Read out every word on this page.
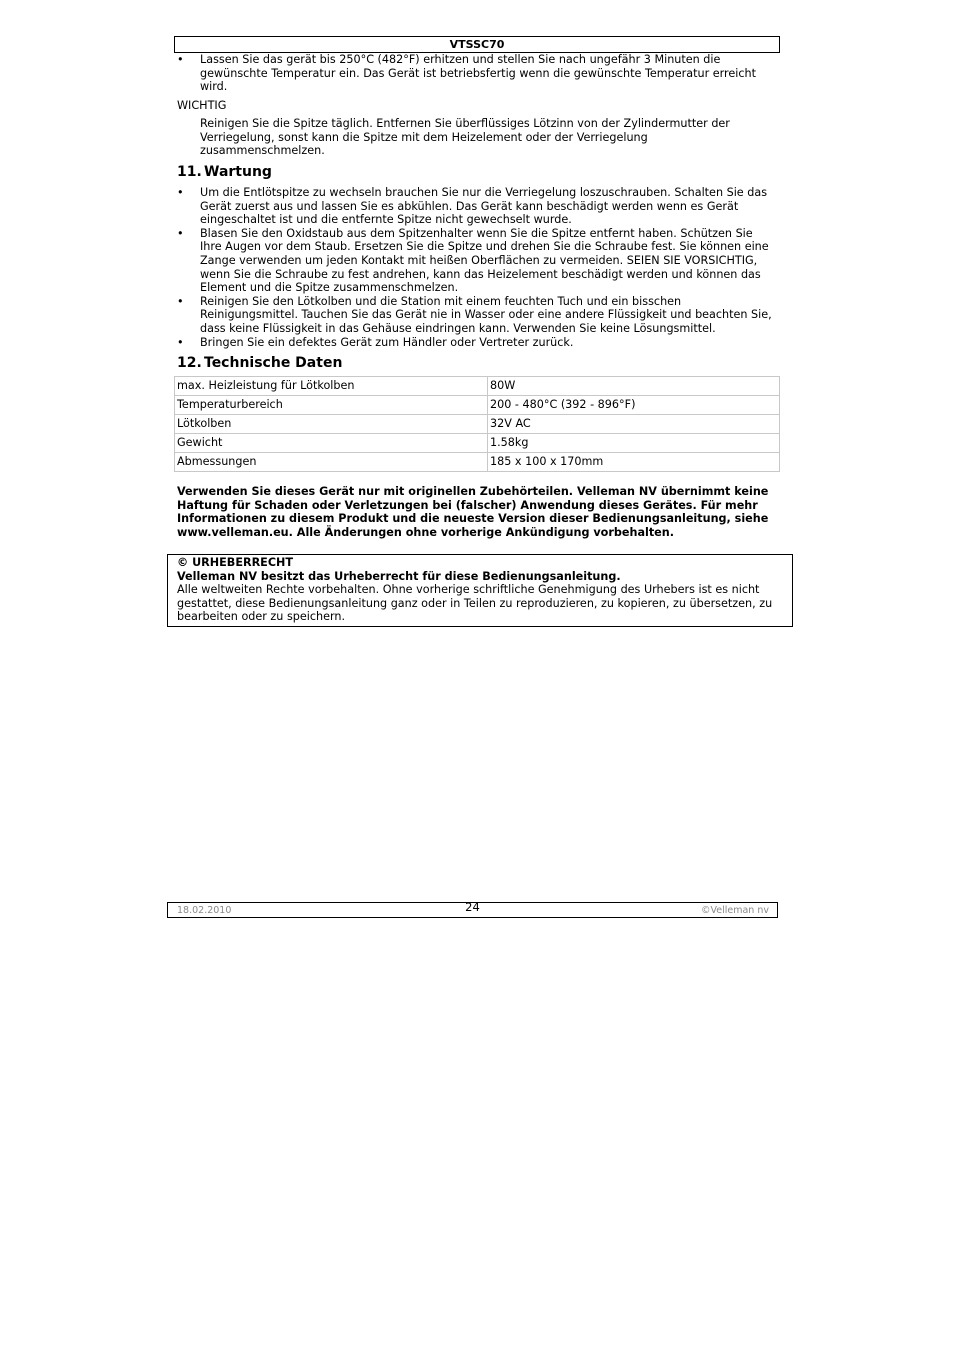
VTSSC70
• Lassen Sie das gerät bis 250°C (482°F) erhitzen und stellen Sie nach ungefähr 3 Minuten die gewünschte Temperatur ein. Das Gerät ist betriebsfertig wenn die gewünschte Temperatur erreicht wird.
WICHTIG
Reinigen Sie die Spitze täglich. Entfernen Sie überflüssiges Lötzinn von der Zylindermutter der Verriegelung, sonst kann die Spitze mit dem Heizelement oder der Verriegelung zusammenschmelzen.
11. Wartung
• Um die Entlötspitze zu wechseln brauchen Sie nur die Verriegelung loszuschrauben. Schalten Sie das Gerät zuerst aus und lassen Sie es abkühlen. Das Gerät kann beschädigt werden wenn es Gerät eingeschaltet ist und die entfernte Spitze nicht gewechselt wurde.
• Blasen Sie den Oxidstaub aus dem Spitzenhalter wenn Sie die Spitze entfernt haben. Schützen Sie Ihre Augen vor dem Staub. Ersetzen Sie die Spitze und drehen Sie die Schraube fest. Sie können eine Zange verwenden um jeden Kontakt mit heißen Oberflächen zu vermeiden. SEIEN SIE VORSICHTIG, wenn Sie die Schraube zu fest andrehen, kann das Heizelement beschädigt werden und können das Element und die Spitze zusammenschmelzen.
• Reinigen Sie den Lötkolben und die Station mit einem feuchten Tuch und ein bisschen Reinigungsmittel. Tauchen Sie das Gerät nie in Wasser oder eine andere Flüssigkeit und beachten Sie, dass keine Flüssigkeit in das Gehäuse eindringen kann. Verwenden Sie keine Lösungsmittel.
• Bringen Sie ein defektes Gerät zum Händler oder Vertreter zurück.
12. Technische Daten
max. Heizleistung für Lötkolben	80W
Temperaturbereich	200 - 480°C (392 - 896°F)
Lötkolben	32V AC
Gewicht	1.58kg
Abmessungen	185 x 100 x 170mm
Verwenden Sie dieses Gerät nur mit originellen Zubehörteilen. Velleman NV übernimmt keine Haftung für Schaden oder Verletzungen bei (falscher) Anwendung dieses Gerätes. Für mehr Informationen zu diesem Produkt und die neueste Version dieser Bedienungsanleitung, siehe www.velleman.eu. Alle Änderungen ohne vorherige Ankündigung vorbehalten.
© URHEBERRECHT
Velleman NV besitzt das Urheberrecht für diese Bedienungsanleitung.
Alle weltweiten Rechte vorbehalten. Ohne vorherige schriftliche Genehmigung des Urhebers ist es nicht gestattet, diese Bedienungsanleitung ganz oder in Teilen zu reproduzieren, zu kopieren, zu übersetzen, zu bearbeiten oder zu speichern.
18.02.2010	24	©Velleman nv
